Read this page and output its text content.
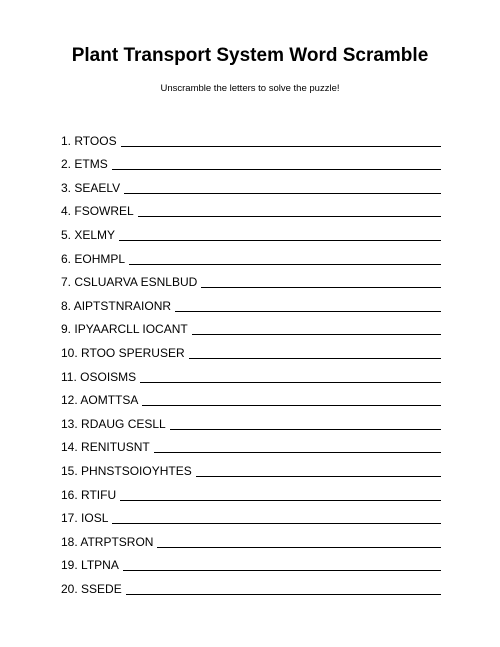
Plant Transport System Word Scramble
Unscramble the letters to solve the puzzle!
1. RTOOS
2. ETMS
3. SEAELV
4. FSOWREL
5. XELMY
6. EOHMPL
7. CSLUARVA ESNLBUD
8. AIPTSTNRAIONR
9. IPYAARCLL IOCANT
10. RTOO SPERUSER
11. OSOISMS
12. AOMTTSA
13. RDAUG CESLL
14. RENITUSNT
15. PHNSTSOIOYHTES
16. RTIFU
17. IOSL
18. ATRPTSRON
19. LTPNA
20. SSEDE
